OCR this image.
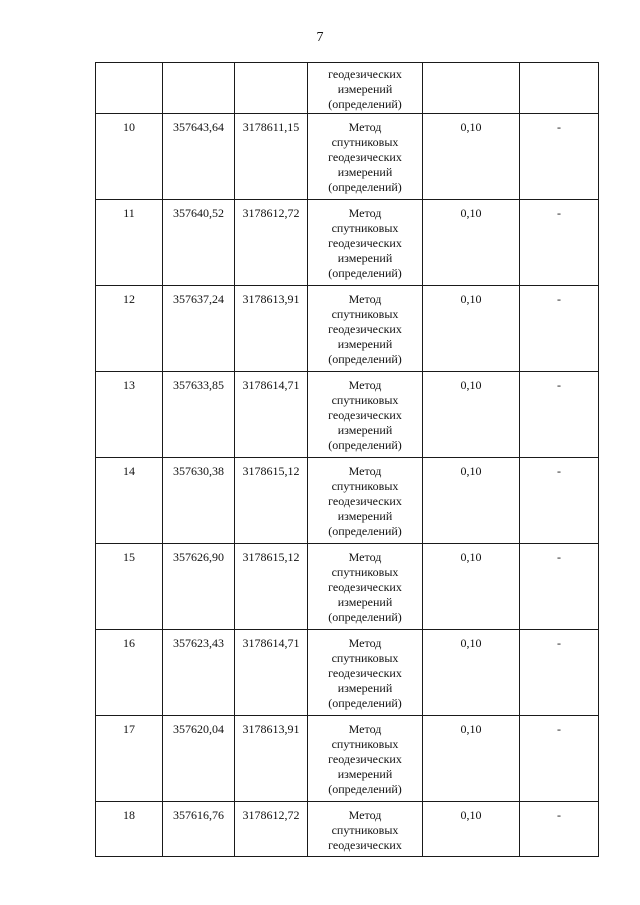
7

			геодезических
измерений
(определений)		

10	357643,64	3178611,15	Метод
спутниковых
геодезических
измерений
(определений)	0,10	-
11	357640,52	3178612,72	Метод
спутниковых
геодезических
измерений
(определений)	0,10	-
12	357637,24	3178613,91	Метод
спутниковых
геодезических
измерений
(определений)	0,10	-
13	357633,85	3178614,71	Метод
спутниковых
геодезических
измерений
(определений)	0,10	-
14	357630,38	3178615,12	Метод
спутниковых
геодезических
измерений
(определений)	0,10	-
15	357626,90	3178615,12	Метод
спутниковых
геодезических
измерений
(определений)	0,10	-
16	357623,43	3178614,71	Метод
спутниковых
геодезических
измерений
(определений)	0,10	-
17	357620,04	3178613,91	Метод
спутниковых
геодезических
измерений
(определений)	0,10	-
18	357616,76	3178612,72	Метод
спутниковых
геодезических	0,10	-
